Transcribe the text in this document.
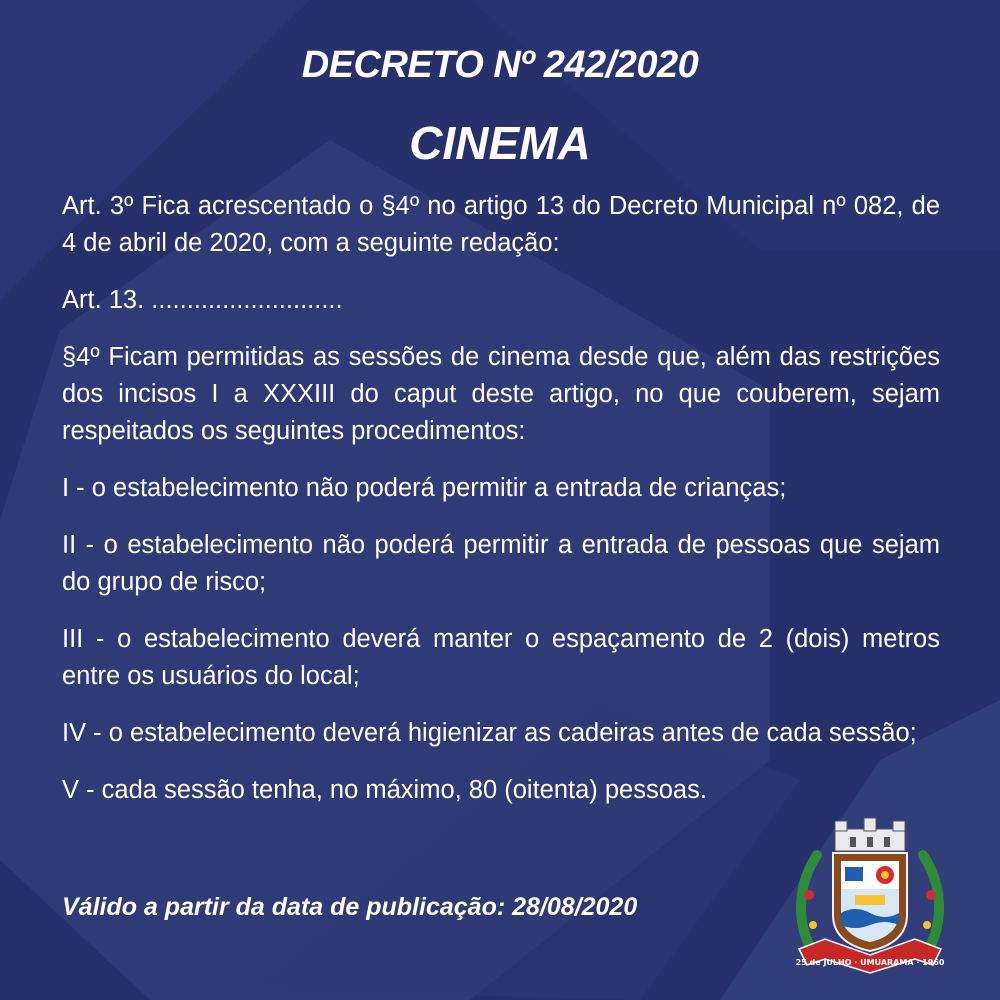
DECRETO Nº 242/2020
CINEMA

Art. 3º Fica acrescentado o §4º no artigo 13 do Decreto Municipal nº 082, de 4 de abril de 2020, com a seguinte redação:

Art. 13. ...........................

§4º Ficam permitidas as sessões de cinema desde que, além das restrições dos incisos I a XXXIII do caput deste artigo, no que couberem, sejam respeitados os seguintes procedimentos:

I - o estabelecimento não poderá permitir a entrada de crianças;

II - o estabelecimento não poderá permitir a entrada de pessoas que sejam do grupo de risco;

III - o estabelecimento deverá manter o espaçamento de 2 (dois) metros entre os usuários do local;

IV - o estabelecimento deverá higienizar as cadeiras antes de cada sessão;

V - cada sessão tenha, no máximo, 80 (oitenta) pessoas.

Válido a partir da data de publicação: 28/08/2020
25 de JULHO · UMUARAMA · 1960
